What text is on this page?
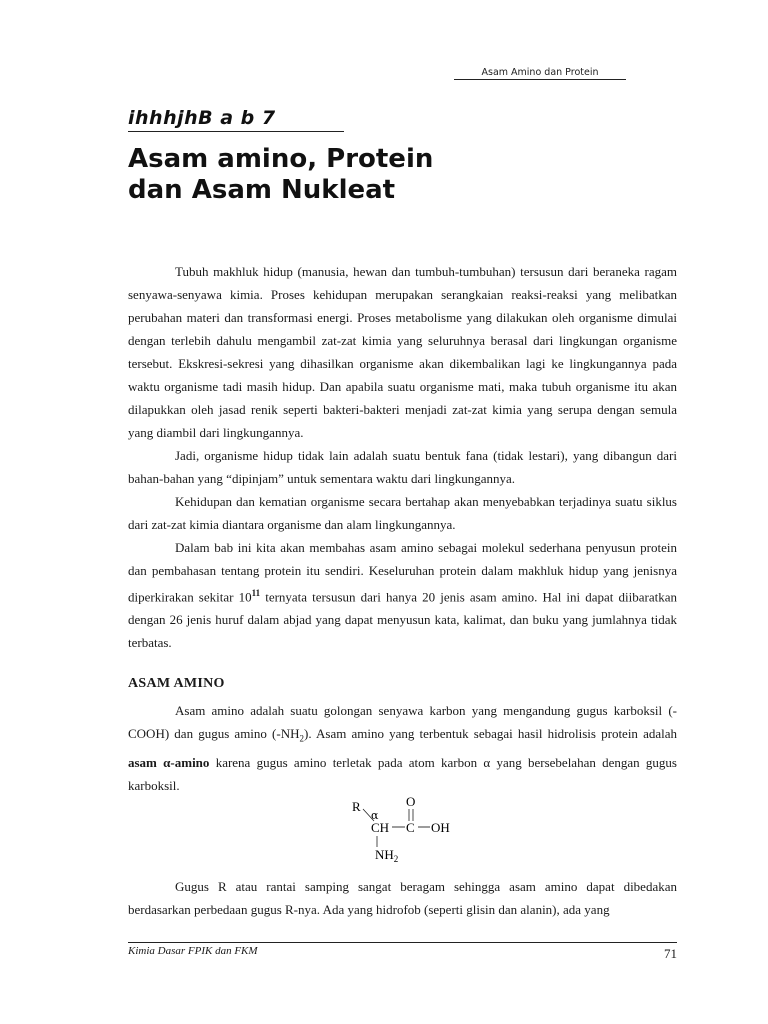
Asam Amino dan Protein
ihhhjhB a b 7
Asam amino, Protein
dan Asam Nukleat

Tubuh makhluk hidup (manusia, hewan dan tumbuh-tumbuhan) tersusun dari beraneka ragam senyawa-senyawa kimia. Proses kehidupan merupakan serangkaian reaksi-reaksi yang melibatkan perubahan materi dan transformasi energi. Proses metabolisme yang dilakukan oleh organisme dimulai dengan terlebih dahulu mengambil zat-zat kimia yang seluruhnya berasal dari lingkungan organisme tersebut. Ekskresi-sekresi yang dihasilkan organisme akan dikembalikan lagi ke lingkungannya pada waktu organisme tadi masih hidup. Dan apabila suatu organisme mati, maka tubuh organisme itu akan dilapukkan oleh jasad renik seperti bakteri-bakteri menjadi zat-zat kimia yang serupa dengan semula yang diambil dari lingkungannya.

Jadi, organisme hidup tidak lain adalah suatu bentuk fana (tidak lestari), yang dibangun dari bahan-bahan yang “dipinjam” untuk sementara waktu dari lingkungannya.

Kehidupan dan kematian organisme secara bertahap akan menyebabkan terjadinya suatu siklus dari zat-zat kimia diantara organisme dan alam lingkungannya.

Dalam bab ini kita akan membahas asam amino sebagai molekul sederhana penyusun protein dan pembahasan tentang protein itu sendiri. Keseluruhan protein dalam makhluk hidup yang jenisnya diperkirakan sekitar $10^{11}$ ternyata tersusun dari hanya 20 jenis asam amino. Hal ini dapat diibaratkan dengan 26 jenis huruf dalam abjad yang dapat menyusun kata, kalimat, dan buku yang jumlahnya tidak terbatas.

ASAM AMINO

Asam amino adalah suatu golongan senyawa karbon yang mengandung gugus karboksil (-COOH) dan gugus amino $(-NH_2)$. Asam amino yang terbentuk sebagai hasil hidrolisis protein adalah asam α-amino karena gugus amino terletak pada atom karbon α yang bersebelahan dengan gugus karboksil.

R
α
O
CH C OH
$NH_2$

Gugus R atau rantai samping sangat beragam sehingga asam amino dapat dibedakan berdasarkan perbedaan gugus R-nya. Ada yang hidrofob (seperti glisin dan alanin), ada yang

Kimia Dasar FPIK dan FKM	71
